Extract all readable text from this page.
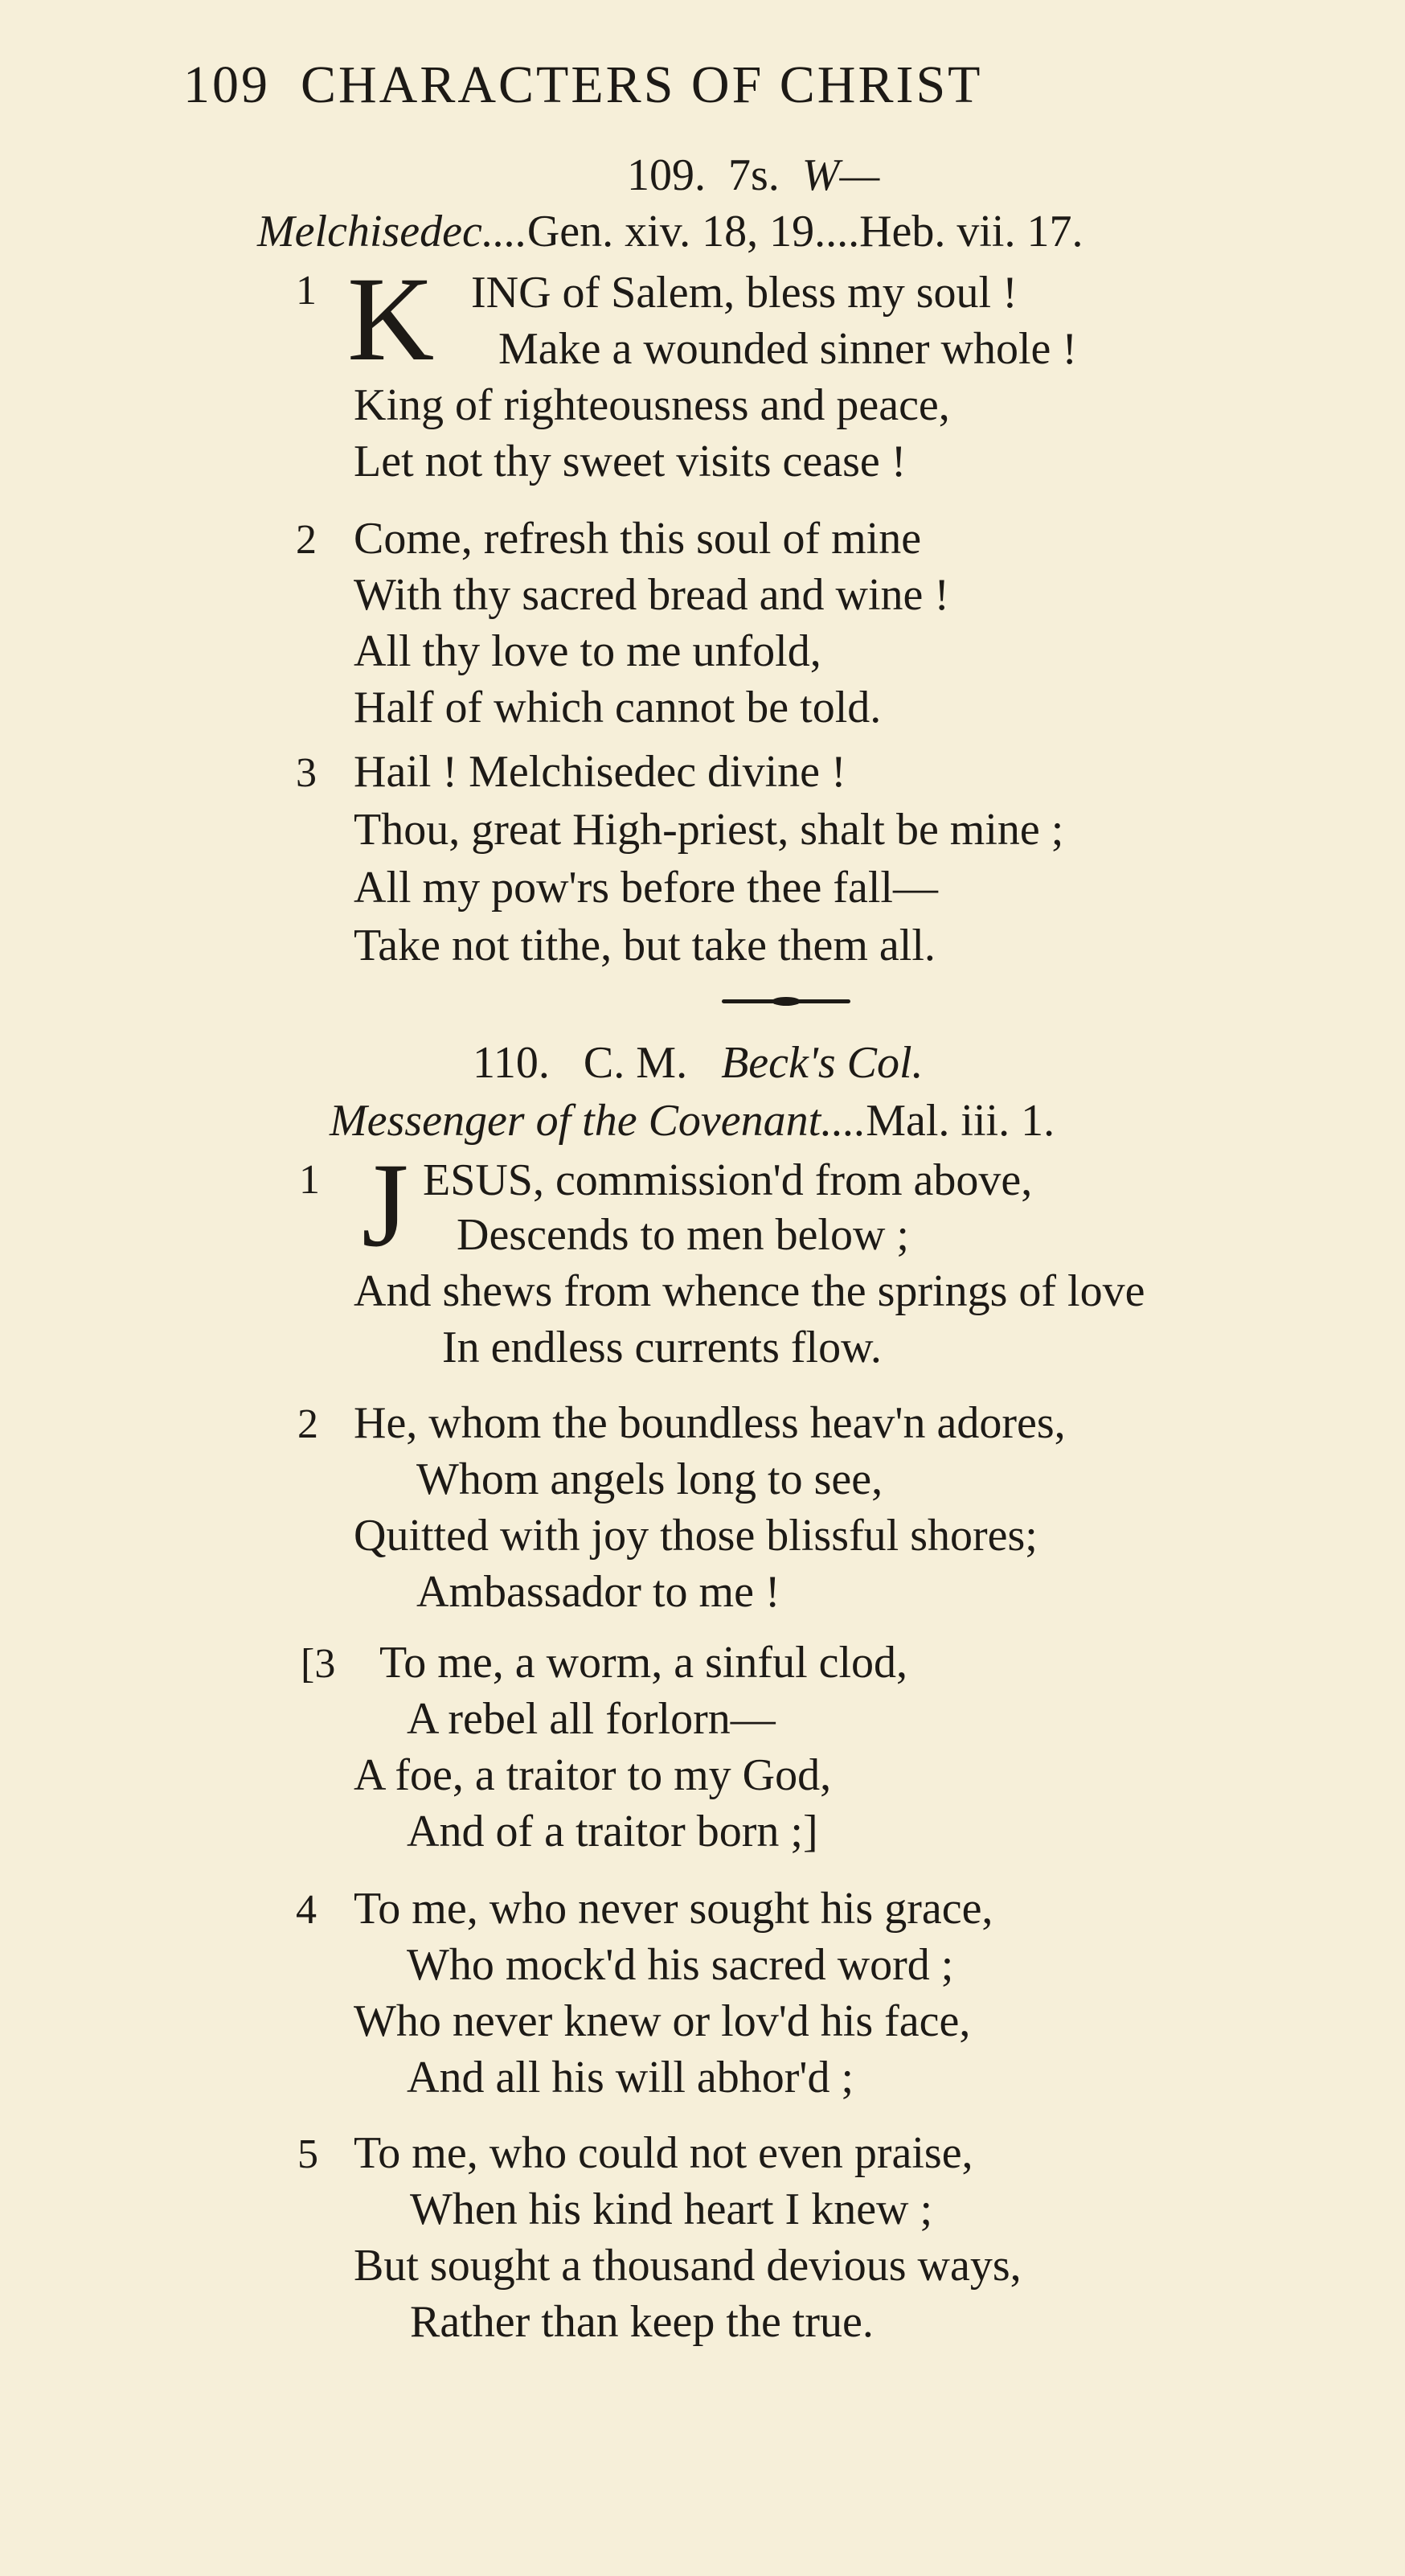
109 CHARACTERS OF CHRIST
109. 7s. W—
Melchisedec....Gen. xiv. 18, 19....Heb. vii. 17.
1 K ING of Salem, bless my soul !
Make a wounded sinner whole !
King of righteousness and peace,
Let not thy sweet visits cease !
2 Come, refresh this soul of mine
With thy sacred bread and wine !
All thy love to me unfold,
Half of which cannot be told.
3 Hail ! Melchisedec divine !
Thou, great High-priest, shalt be mine ;
All my pow'rs before thee fall—
Take not tithe, but take them all.
110. C. M. Beck's Col.
Messenger of the Covenant....Mal. iii. 1.
1 J ESUS, commission'd from above,
Descends to men below ;
And shews from whence the springs of love
In endless currents flow.
2 He, whom the boundless heav'n adores,
Whom angels long to see,
Quitted with joy those blissful shores;
Ambassador to me !
[3 To me, a worm, a sinful clod,
A rebel all forlorn—
A foe, a traitor to my God,
And of a traitor born ;]
4 To me, who never sought his grace,
Who mock'd his sacred word ;
Who never knew or lov'd his face,
And all his will abhor'd ;
5 To me, who could not even praise,
When his kind heart I knew ;
But sought a thousand devious ways,
Rather than keep the true.
